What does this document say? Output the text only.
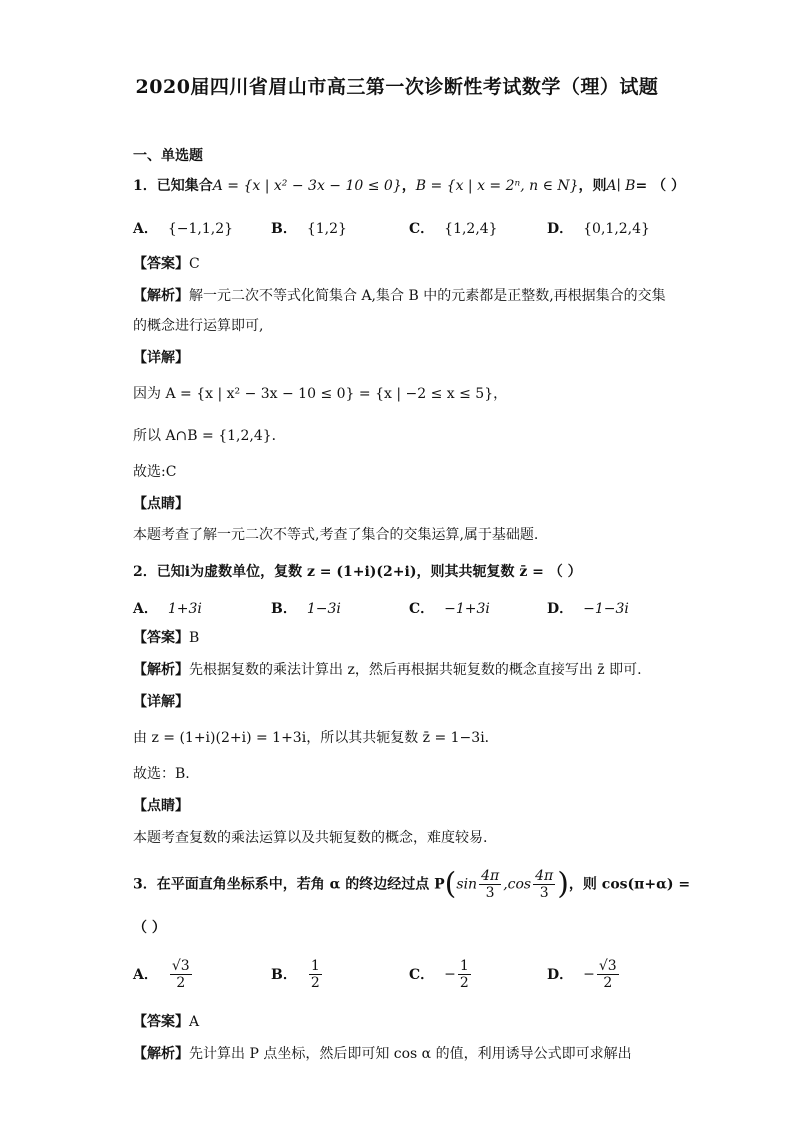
2020届四川省眉山市高三第一次诊断性考试数学（理）试题
一、单选题
1．已知集合A = {x | x² − 3x − 10 ≤ 0}，B = {x | x = 2ⁿ, n ∈ N}，则A∣ B= （ ）
A． {−1,1,2}	B． {1,2}	C． {1,2,4}	D． {0,1,2,4}
【答案】C
【解析】解一元二次不等式化简集合 A,集合 B 中的元素都是正整数,再根据集合的交集
的概念进行运算即可,
【详解】
因为 A = {x | x² − 3x − 10 ≤ 0} = {x | −2 ≤ x ≤ 5}，
所以 A∩B = {1,2,4}．
故选:C
【点睛】
本题考查了解一元二次不等式,考查了集合的交集运算,属于基础题.
2．已知i为虚数单位，复数 z = (1+i)(2+i)，则其共轭复数 z̄ = （ ）
A． 1+3i	B． 1−3i	C． −1+3i	D． −1−3i
【答案】B
【解析】先根据复数的乘法计算出 z，然后再根据共轭复数的概念直接写出 z̄ 即可.
【详解】
由 z = (1+i)(2+i) = 1+3i，所以其共轭复数 z̄ = 1−3i．
故选：B.
【点睛】
本题考查复数的乘法运算以及共轭复数的概念，难度较易.
3．在平面直角坐标系中，若角 α 的终边经过点 $P(\sin \frac{4\pi}{3} ,\cos \frac{4\pi}{3}$ )，则 cos(π+α) =
（ ）
A． $\frac{√3}{2}$	B． $\frac{1}{2}$	C． − $\frac{1}{2}$	D． − $\frac{√3}{2}$
【答案】A
【解析】先计算出 P 点坐标，然后即可知 cos α 的值，利用诱导公式即可求解出
